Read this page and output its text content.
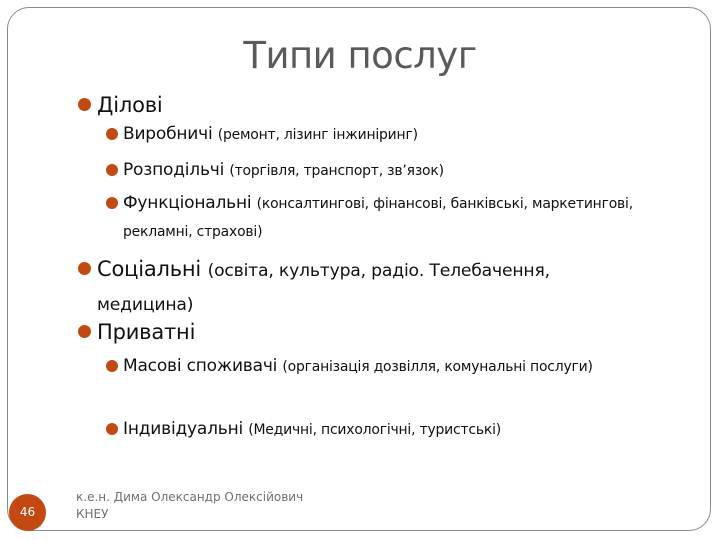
Типи послуг
Ділові
Виробничі (ремонт, лізинг інжиніринг)
Розподільчі (торгівля, транспорт, зв’язок)
Функціональні (консалтингові, фінансові, банківські, маркетингові, рекламні, страхові)
Соціальні (освіта, культура, радіо. Телебачення, медицина)
Приватні
Масові споживачі (організація дозвілля, комунальні послуги)
Індивідуальні (Медичні, психологічні, туристські)
46
к.е.н. Дима Олександр Олексійович
КНЕУ
